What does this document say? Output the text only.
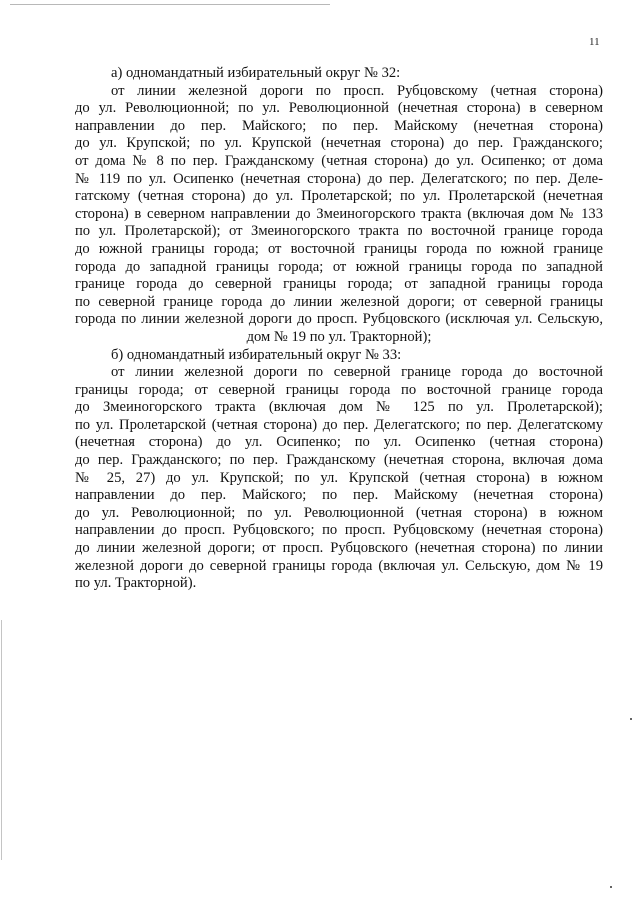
11
а) одномандатный избирательный округ № 32:
от линии железной дороги по просп. Рубцовскому (четная сторона)
до ул. Революционной; по ул. Революционной (нечетная сторона) в северном
направлении до пер. Майского; по пер. Майскому (нечетная сторона)
до ул. Крупской; по ул. Крупской (нечетная сторона) до пер. Гражданского;
от дома № 8 по пер. Гражданскому (четная сторона) до ул. Осипенко; от дома
№ 119 по ул. Осипенко (нечетная сторона) до пер. Делегатского; по пер. Деле-
гатскому (четная сторона) до ул. Пролетарской; по ул. Пролетарской (нечетная
сторона) в северном направлении до Змеиногорского тракта (включая дом № 133
по ул. Пролетарской); от Змеиногорского тракта по восточной границе города
до южной границы города; от восточной границы города по южной границе
города до западной границы города; от южной границы города по западной
границе города до северной границы города; от западной границы города
по северной границе города до линии железной дороги; от северной границы
города по линии железной дороги до просп. Рубцовского (исключая ул. Сельскую,
дом № 19 по ул. Тракторной);
б) одномандатный избирательный округ № 33:
от линии железной дороги по северной границе города до восточной
границы города; от северной границы города по восточной границе города
до Змеиногорского тракта (включая дом № 125 по ул. Пролетарской);
по ул. Пролетарской (четная сторона) до пер. Делегатского; по пер. Делегатскому
(нечетная сторона) до ул. Осипенко; по ул. Осипенко (четная сторона)
до пер. Гражданского; по пер. Гражданскому (нечетная сторона, включая дома
№ 25, 27) до ул. Крупской; по ул. Крупской (четная сторона) в южном
направлении до пер. Майского; по пер. Майскому (нечетная сторона)
до ул. Революционной; по ул. Революционной (четная сторона) в южном
направлении до просп. Рубцовского; по просп. Рубцовскому (нечетная сторона)
до линии железной дороги; от просп. Рубцовского (нечетная сторона) по линии
железной дороги до северной границы города (включая ул. Сельскую, дом № 19
по ул. Тракторной).
